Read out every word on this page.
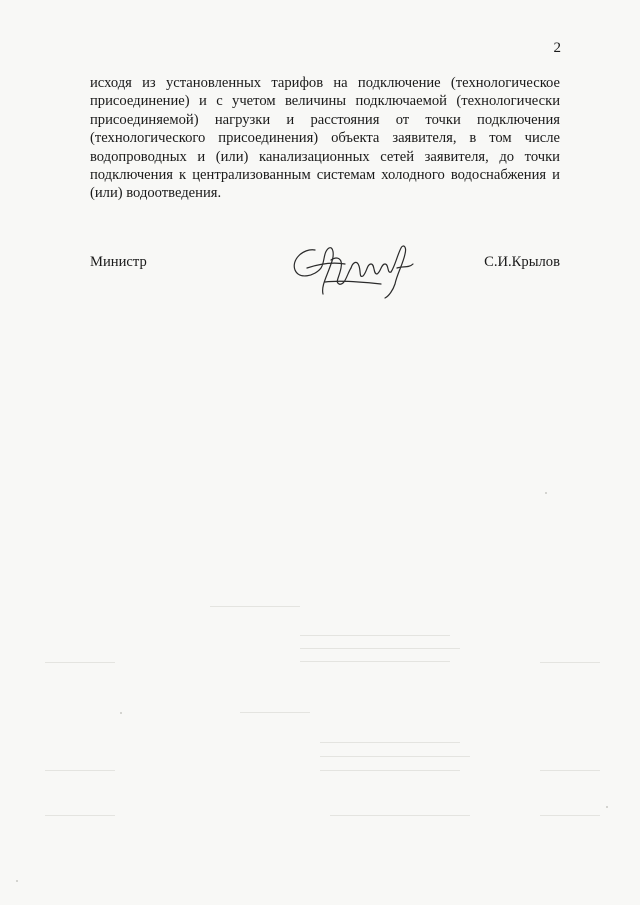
2

исходя из установленных тарифов на подключение (технологическое присоединение) и с учетом величины подключаемой (технологически присоединяемой) нагрузки и расстояния от точки подключения (технологического присоединения) объекта заявителя, в том числе водопроводных и (или) канализационных сетей заявителя, до точки подключения к централизованным системам холодного водоснабжения и (или) водоотведения.

Министр	С.И.Крылов
